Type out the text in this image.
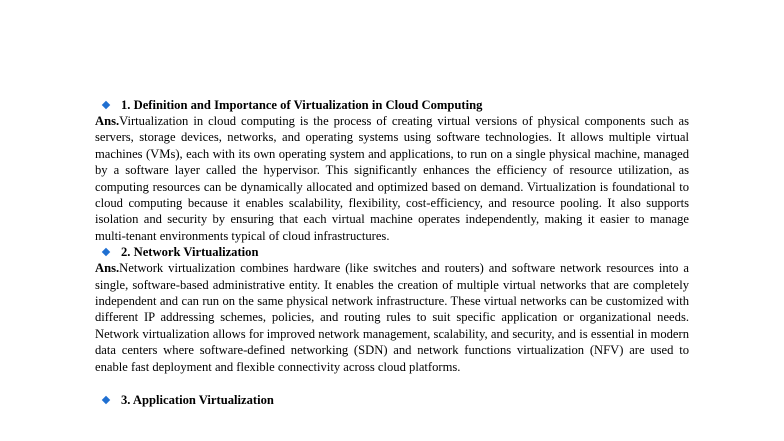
1. Definition and Importance of Virtualization in Cloud Computing

Ans.Virtualization in cloud computing is the process of creating virtual versions of physical components such as servers, storage devices, networks, and operating systems using software technologies. It allows multiple virtual machines (VMs), each with its own operating system and applications, to run on a single physical machine, managed by a software layer called the hypervisor. This significantly enhances the efficiency of resource utilization, as computing resources can be dynamically allocated and optimized based on demand. Virtualization is foundational to cloud computing because it enables scalability, flexibility, cost-efficiency, and resource pooling. It also supports isolation and security by ensuring that each virtual machine operates independently, making it easier to manage multi-tenant environments typical of cloud infrastructures.

2. Network Virtualization

Ans.Network virtualization combines hardware (like switches and routers) and software network resources into a single, software-based administrative entity. It enables the creation of multiple virtual networks that are completely independent and can run on the same physical network infrastructure. These virtual networks can be customized with different IP addressing schemes, policies, and routing rules to suit specific application or organizational needs. Network virtualization allows for improved network management, scalability, and security, and is essential in modern data centers where software-defined networking (SDN) and network functions virtualization (NFV) are used to enable fast deployment and flexible connectivity across cloud platforms.

3. Application Virtualization
